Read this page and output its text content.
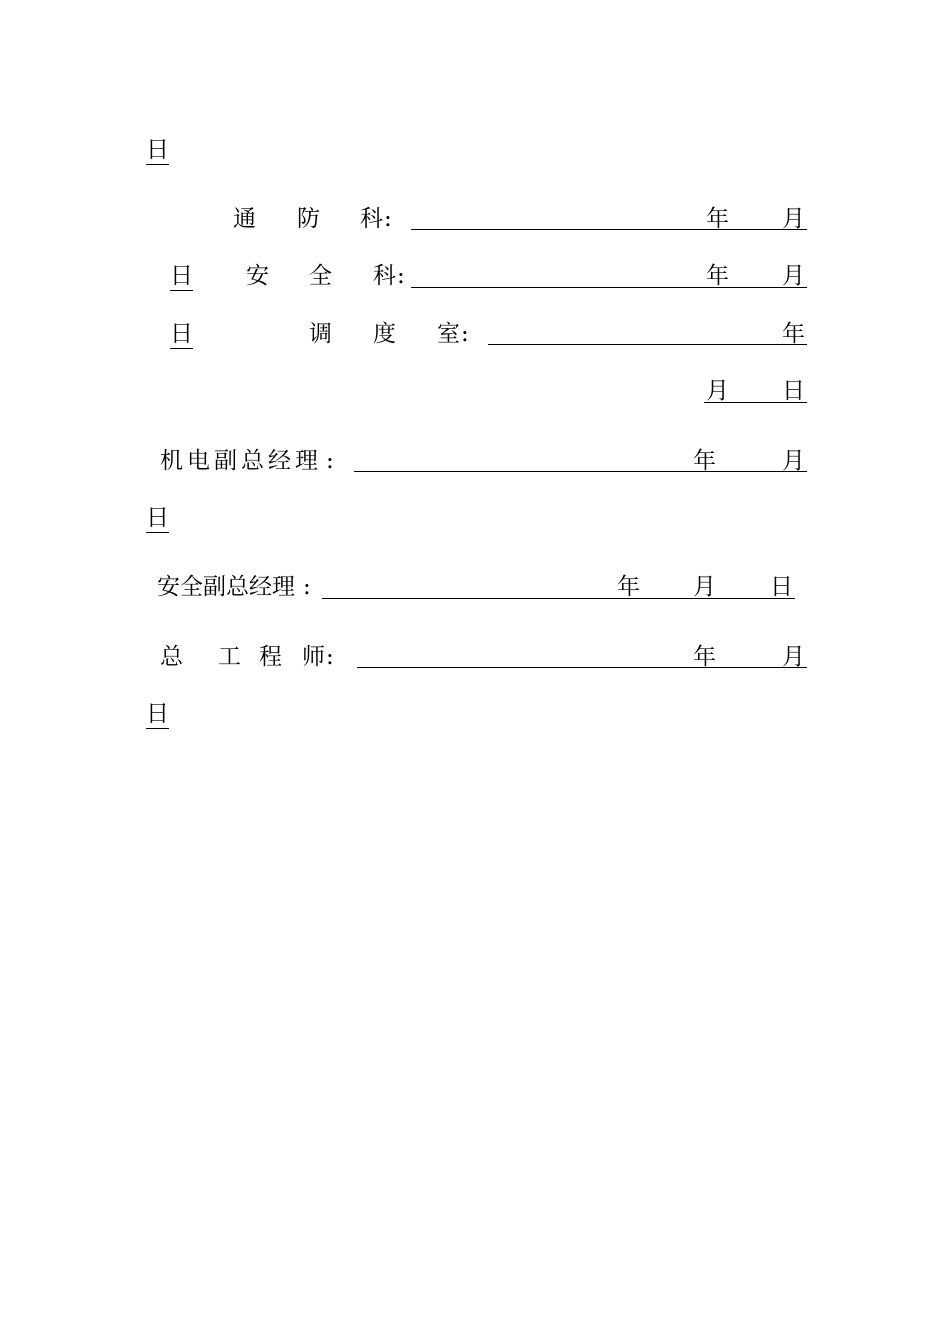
日
通 防 科 :	年 月
日 安 全 科 :	年 月
日	调 度 室 :	年
月 日
机电副总经理 :	年	月
日
安全副总经理 :	年 月 日
总 工 程 师 :	年	月
日
